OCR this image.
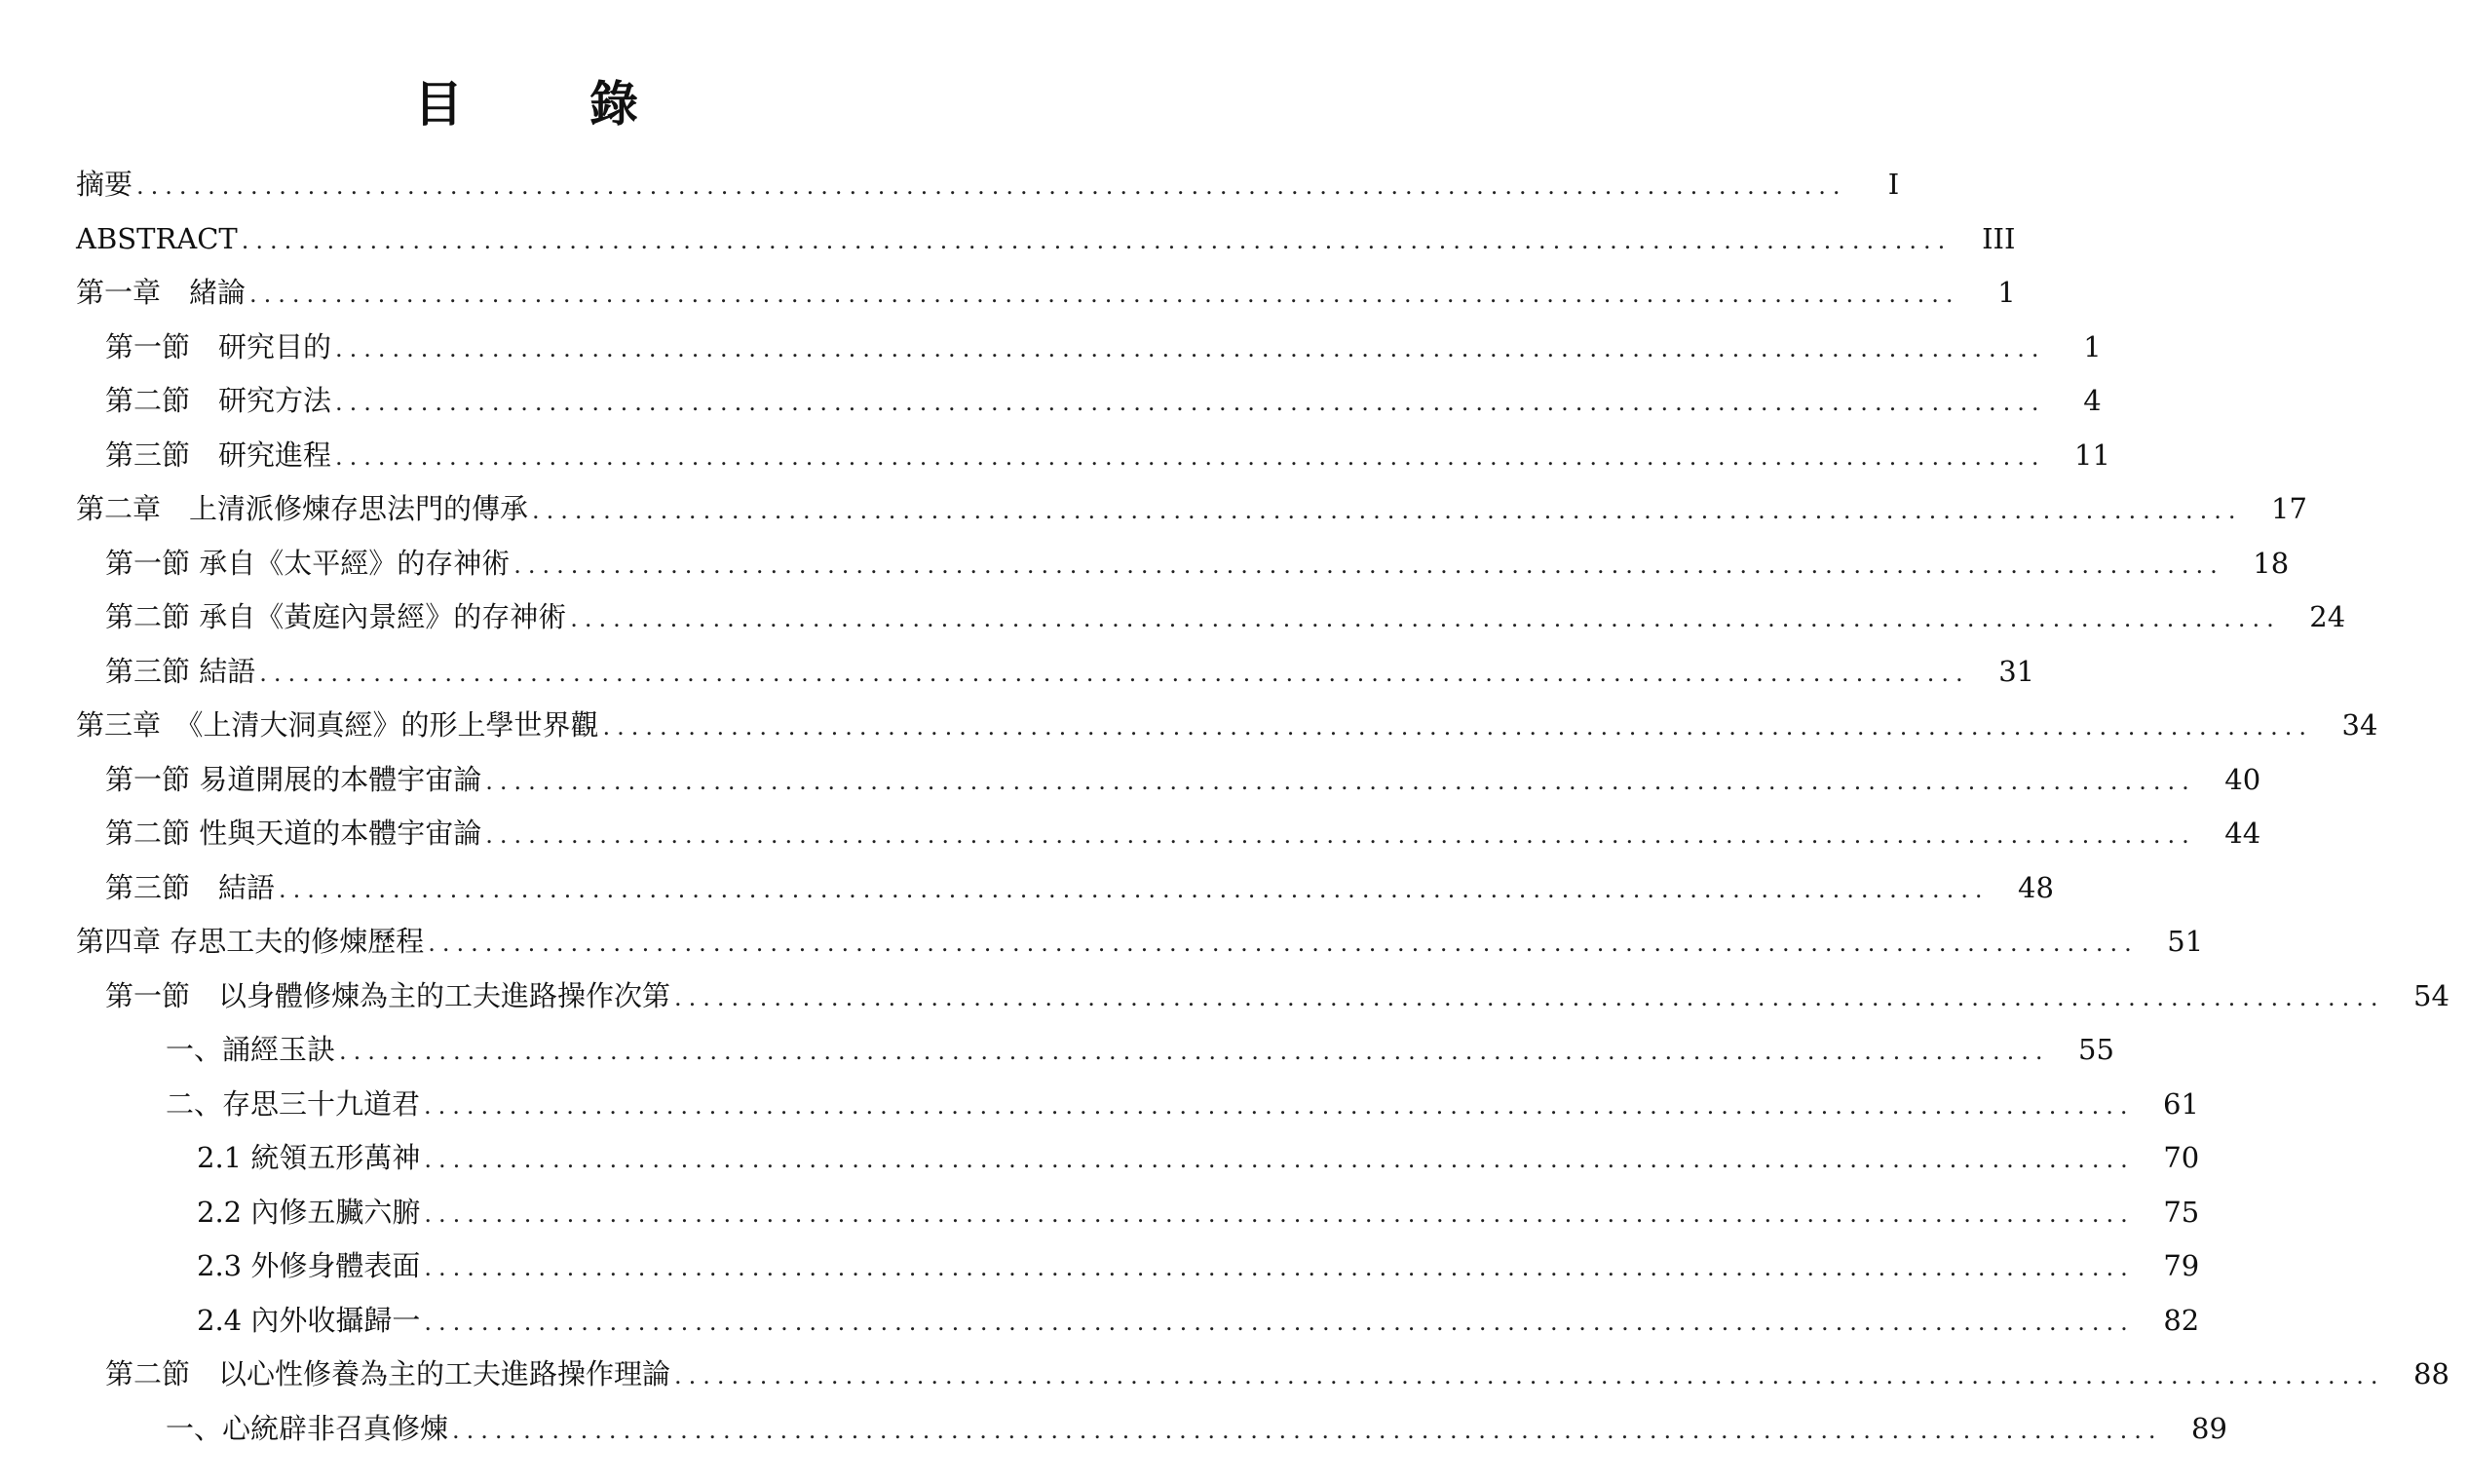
目　錄
摘要 ........................................................................................................................	I
ABSTRACT ........................................................................................................................	III
第一章　緒論 ........................................................................................................................	1
第一節　研究目的 ........................................................................................................................	1
第二節　研究方法 ........................................................................................................................	4
第三節　研究進程 ........................................................................................................................	11
第二章　上清派修煉存思法門的傳承 ........................................................................................................................	17
第一節 承自《太平經》的存神術 ........................................................................................................................	18
第二節 承自《黃庭內景經》的存神術 ........................................................................................................................	24
第三節 結語 ........................................................................................................................	31
第三章　《上清大洞真經》的形上學世界觀 ........................................................................................................................	34
第一節 易道開展的本體宇宙論 ........................................................................................................................	40
第二節 性與天道的本體宇宙論 ........................................................................................................................	44
第三節　結語 ........................................................................................................................	48
第四章 存思工夫的修煉歷程 ........................................................................................................................	51
第一節　以身體修煉為主的工夫進路操作次第 ........................................................................................................................	54
一、誦經玉訣 ........................................................................................................................	55
二、存思三十九道君 ........................................................................................................................	61
2.1 統領五形萬神 ........................................................................................................................	70
2.2 內修五臟六腑 ........................................................................................................................	75
2.3 外修身體表面 ........................................................................................................................	79
2.4 內外收攝歸一 ........................................................................................................................	82
第二節　以心性修養為主的工夫進路操作理論 ........................................................................................................................	88
一、心統辟非召真修煉 ........................................................................................................................	89
